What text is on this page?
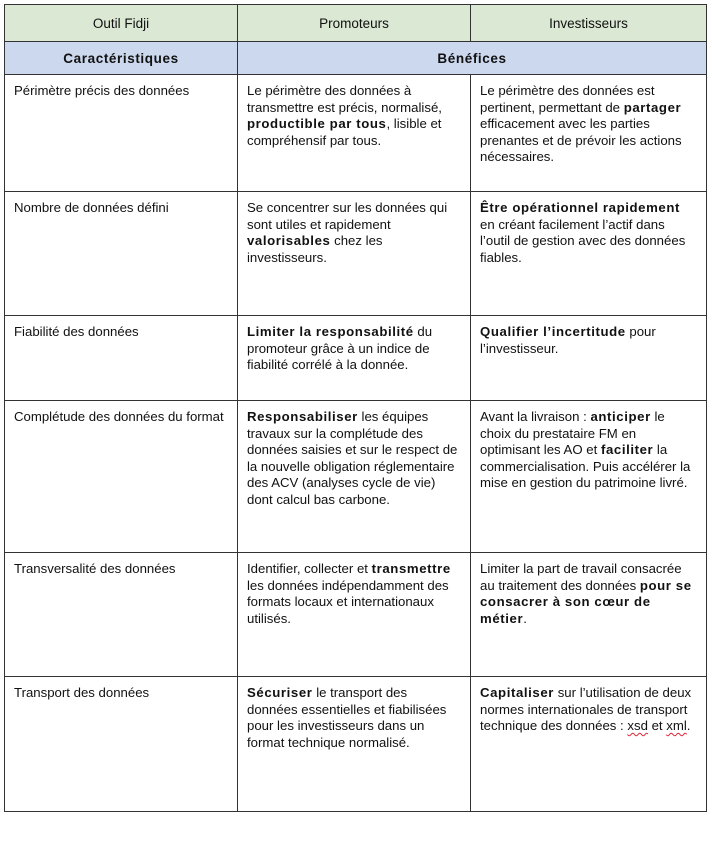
Outil Fidji	Promoteurs	Investisseurs
Caractéristiques	Bénéfices	

Périmètre précis des données	Le périmètre des données à transmettre est précis, normalisé, productible par tous, lisible et compréhensif par tous.	Le périmètre des données est pertinent, permettant de partager efficacement avec les parties prenantes et de prévoir les actions nécessaires.

Nombre de données défini	Se concentrer sur les données qui sont utiles et rapidement valorisables chez les investisseurs.	Être opérationnel rapidement en créant facilement l’actif dans l’outil de gestion avec des données fiables.

Fiabilité des données	Limiter la responsabilité du promoteur grâce à un indice de fiabilité corrélé à la donnée.	Qualifier l’incertitude pour l’investisseur.

Complétude des données du format	Responsabiliser les équipes travaux sur la complétude des données saisies et sur le respect de la nouvelle obligation réglementaire des ACV (analyses cycle de vie) dont calcul bas carbone.	Avant la livraison : anticiper le choix du prestataire FM en optimisant les AO et faciliter la commercialisation. Puis accélérer la mise en gestion du patrimoine livré.

Transversalité des données	Identifier, collecter et transmettre les données indépendamment des formats locaux et internationaux utilisés.	Limiter la part de travail consacrée au traitement des données pour se consacrer à son cœur de métier.

Transport des données	Sécuriser le transport des données essentielles et fiabilisées pour les investisseurs dans un format technique normalisé.	Capitaliser sur l’utilisation de deux normes internationales de transport technique des données : xsd et xml.
